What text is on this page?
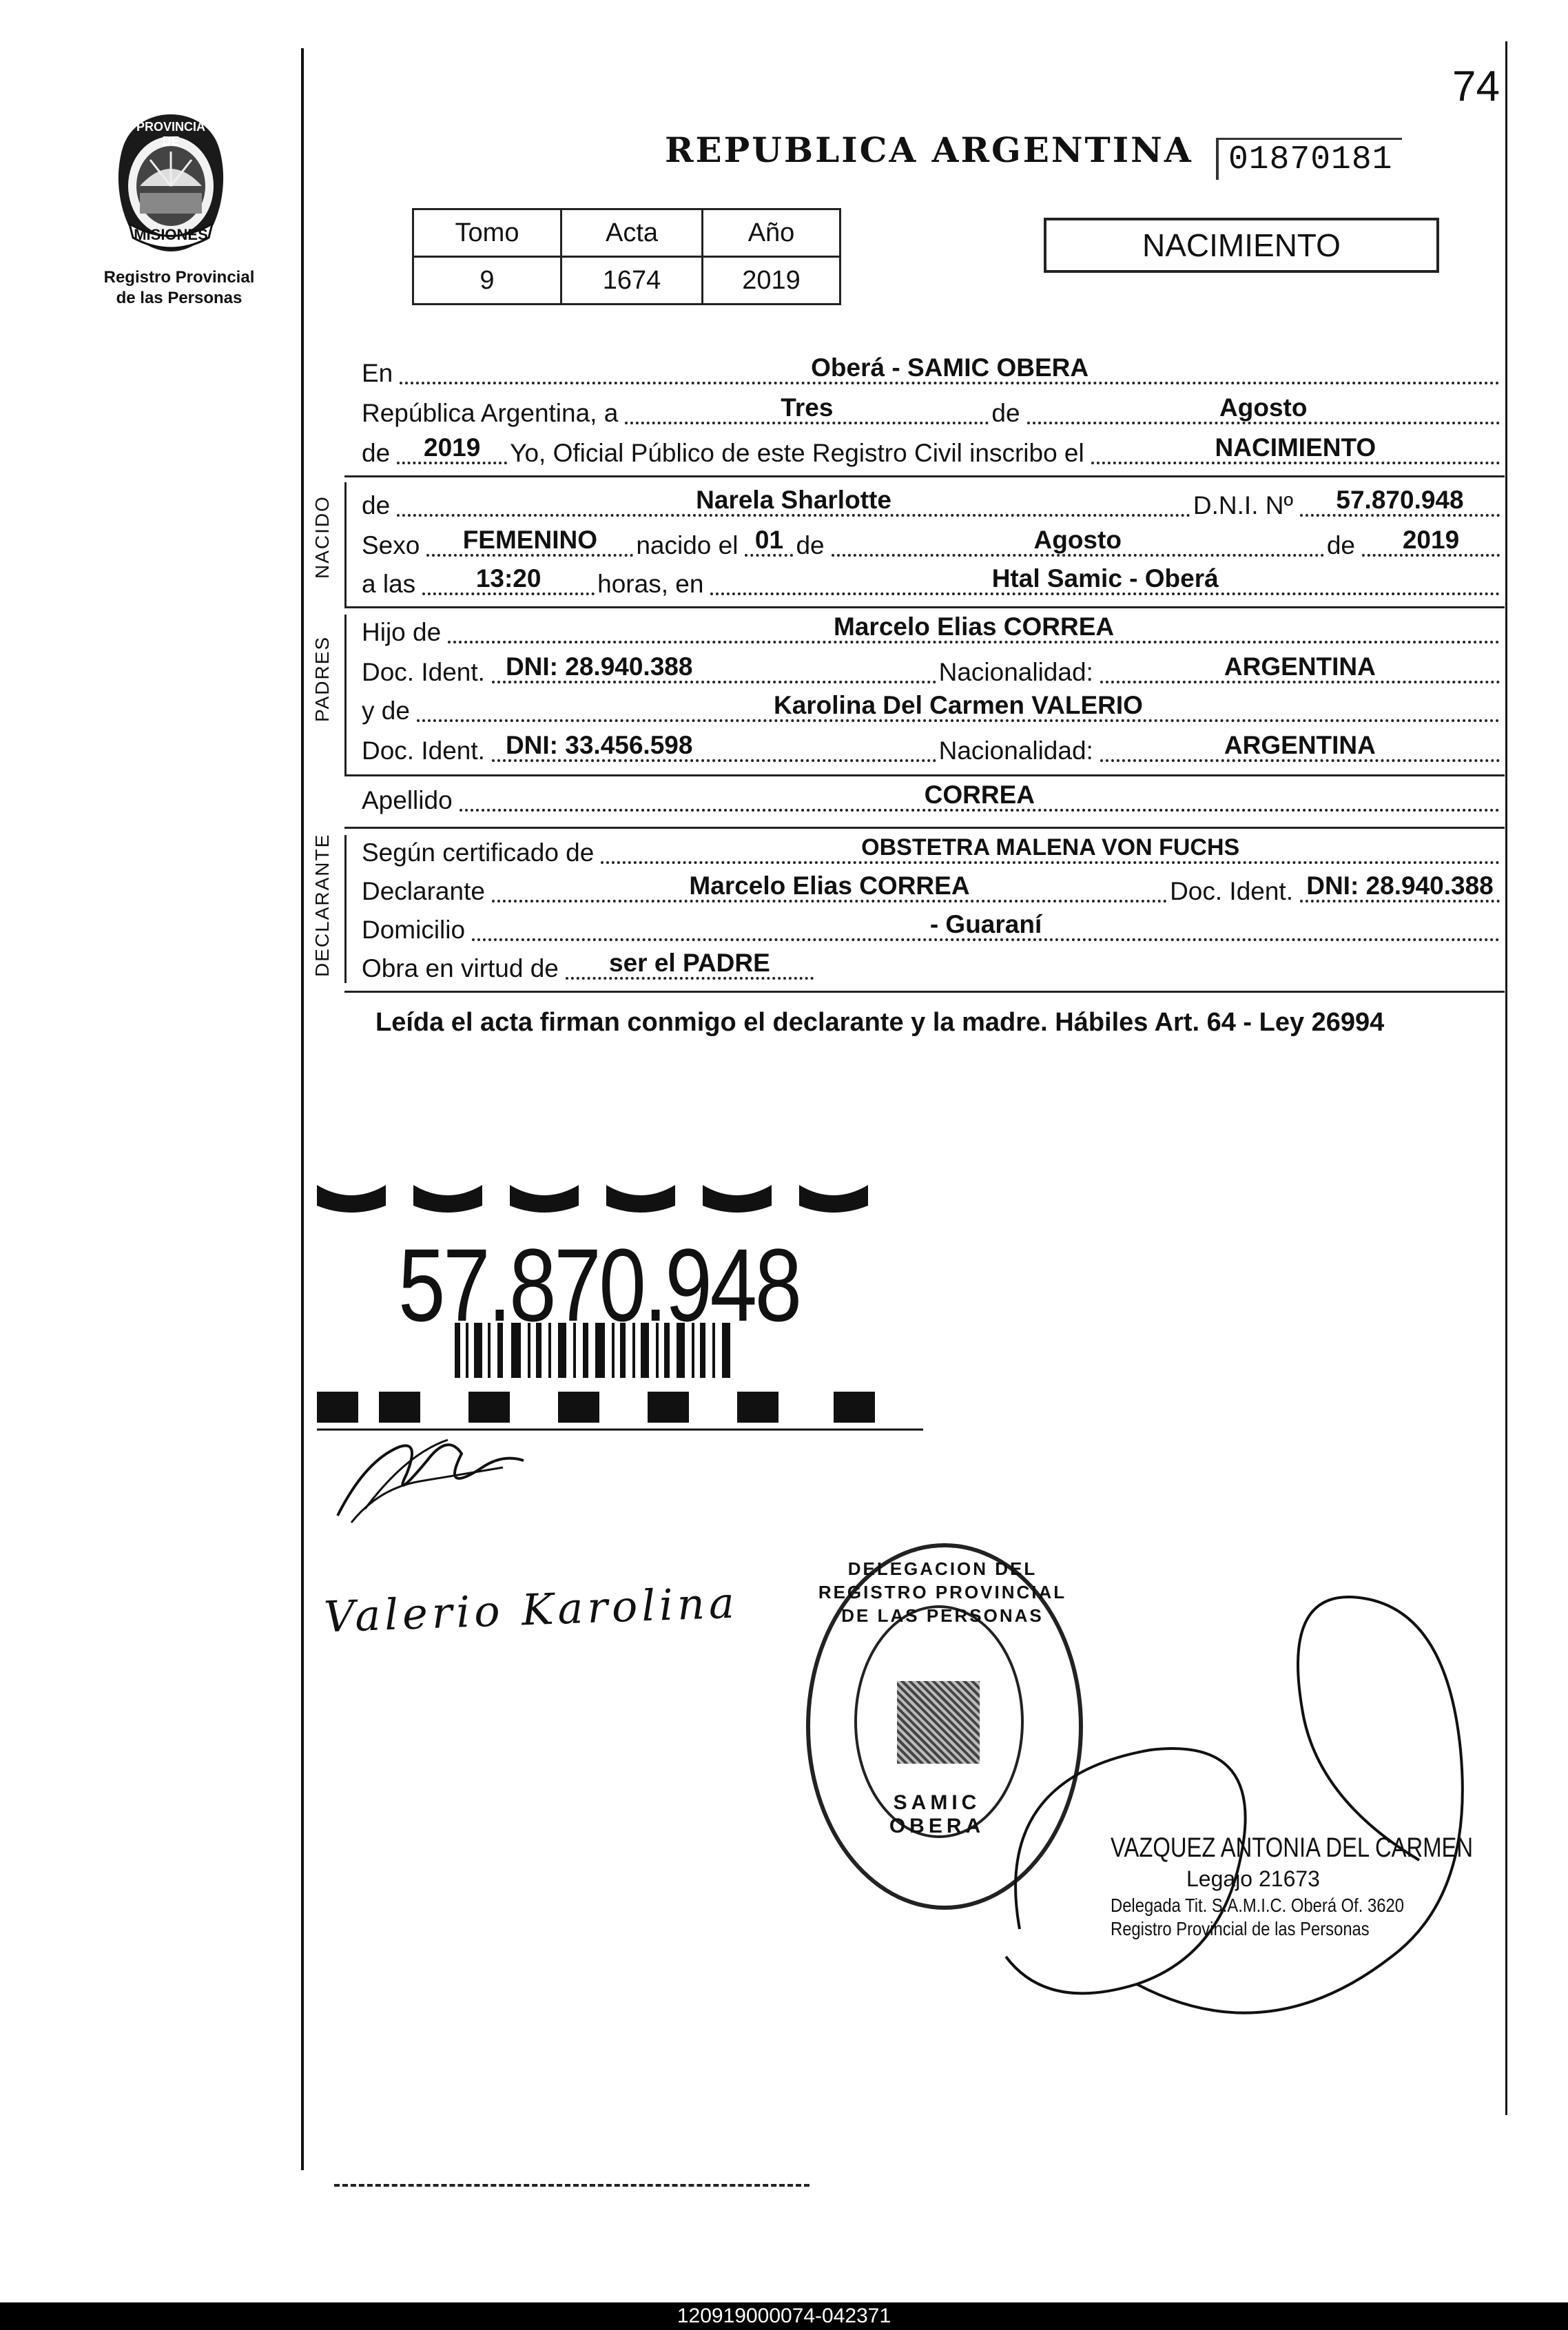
74
PROVINCIA DE
MISIONES
Registro Provincial
de las Personas
REPUBLICA ARGENTINA	01870181
Tomo	Acta	Año
9	1674	2019
NACIMIENTO
En	Oberá - SAMIC OBERA
República Argentina, a	Tres	de	Agosto
de	2019	Yo, Oficial Público de este Registro Civil inscribo el	NACIMIENTO
NACIDO de	Narela Sharlotte	D.N.I. Nº	57.870.948
Sexo	FEMENINO	nacido el 01 de	Agosto	de	2019
a las	13:20	horas, en	Htal Samic - Oberá
PADRES
Hijo de	Marcelo Elias CORREA
Doc. Ident. DNI: 28.940.388	Nacionalidad:	ARGENTINA
y de	Karolina Del Carmen VALERIO
Doc. Ident. DNI: 33.456.598	Nacionalidad:	ARGENTINA
Apellido	CORREA
DECLARANTE Según certificado de	OBSTETRA MALENA VON FUCHS
Declarante	Marcelo Elias CORREA	Doc. Ident. DNI: 28.940.388
Domicilio	- Guaraní
Obra en virtud de	ser el PADRE
Leída el acta firman conmigo el declarante y la madre. Hábiles Art. 64 - Ley 26994
57.870.948
Valerio Karolina
DELEGACION DEL REGISTRO PROVINCIAL DE LAS PERSONAS
SAMIC OBERA
VAZQUEZ ANTONIA DEL CARMEN
Legajo 21673
Delegada Tit. S.A.M.I.C. Oberá Of. 3620
Registro Provincial de las Personas
120919000074-042371
